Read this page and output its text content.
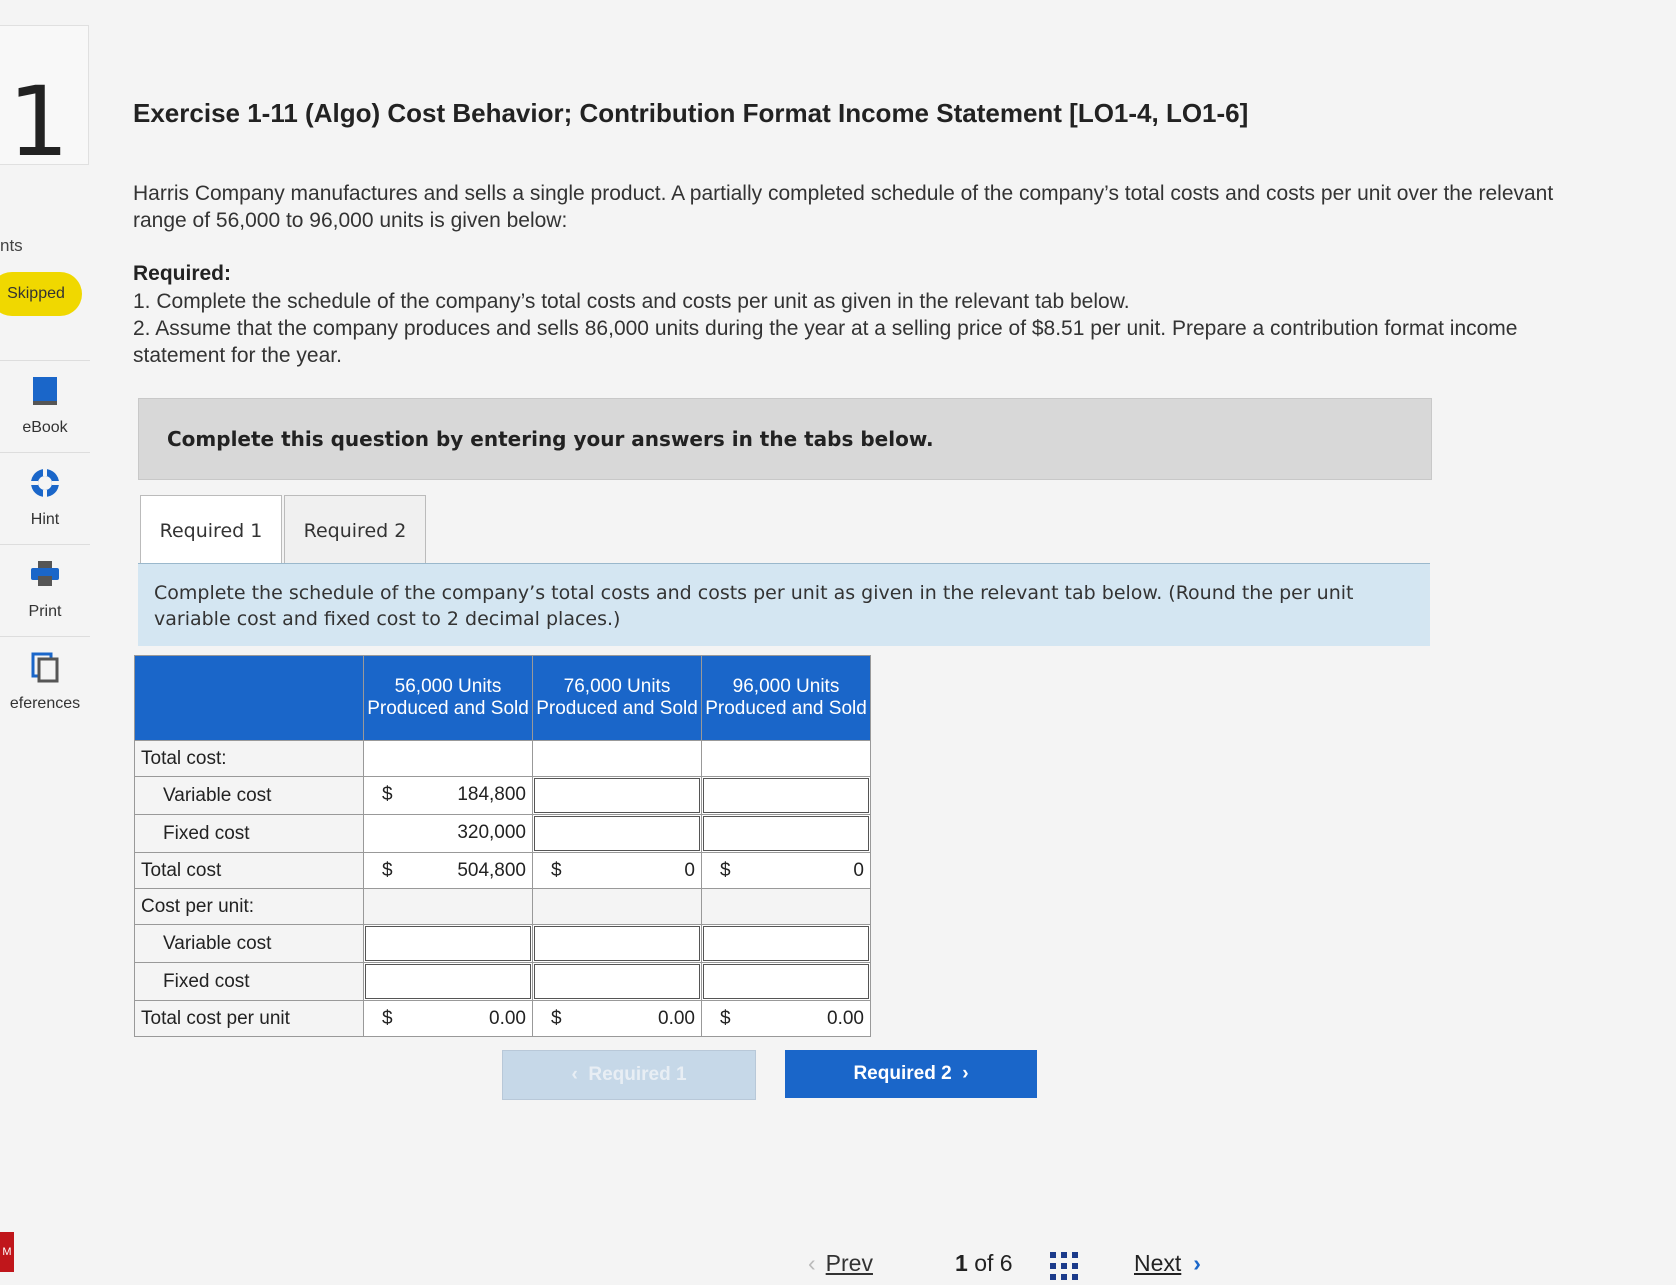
1
nts
Skipped
eBook
Hint
Print
eferences
M
Exercise 1-11 (Algo) Cost Behavior; Contribution Format Income Statement [LO1-4, LO1-6]
Harris Company manufactures and sells a single product. A partially completed schedule of the company’s total costs and costs per unit over the relevant range of 56,000 to 96,000 units is given below:
Required:
1. Complete the schedule of the company’s total costs and costs per unit as given in the relevant tab below.
2. Assume that the company produces and sells 86,000 units during the year at a selling price of $8.51 per unit. Prepare a contribution format income statement for the year.
Complete this question by entering your answers in the tabs below.
Required 1	Required 2
Complete the schedule of the company’s total costs and costs per unit as given in the relevant tab below. (Round the per unit variable cost and fixed cost to 2 decimal places.)
	56,000 Units Produced and Sold	76,000 Units Produced and Sold	96,000 Units Produced and Sold
Total cost:			
Variable cost	$ 184,800		

Fixed cost	320,000		

Total cost	$ 504,800	$ 0	$ 0

Cost per unit:			
Variable cost	

Fixed cost	

Total cost per unit	$ 0.00	$ 0.00	$ 0.00
‹  Required 1	Required 2  ›
‹ Prev	1 of 6	Next ›
